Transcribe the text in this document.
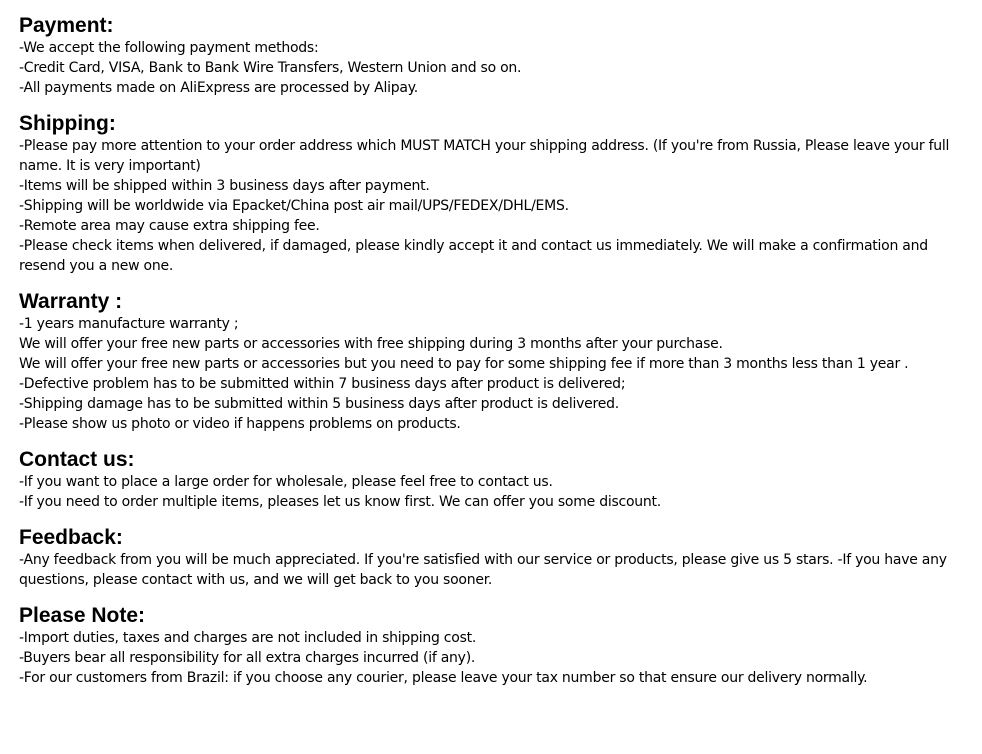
Payment:

-We accept the following payment methods:

-Credit Card, VISA, Bank to Bank Wire Transfers, Western Union and so on.

-All payments made on AliExpress are processed by Alipay.

Shipping:

-Please pay more attention to your order address which MUST MATCH your shipping address. (If you're from Russia, Please leave your full name. It is very important)

-Items will be shipped within 3 business days after payment.

-Shipping will be worldwide via Epacket/China post air mail/UPS/FEDEX/DHL/EMS.

-Remote area may cause extra shipping fee.

-Please check items when delivered, if damaged, please kindly accept it and contact us immediately. We will make a confirmation and resend you a new one.

Warranty :

-1 years manufacture warranty ;

We will offer your free new parts or accessories with free shipping during 3 months after your purchase.

We will offer your free new parts or accessories but you need to pay for some shipping fee if more than 3 months less than 1 year .

-Defective problem has to be submitted within 7 business days after product is delivered;

-Shipping damage has to be submitted within 5 business days after product is delivered.

-Please show us photo or video if happens problems on products.

Contact us:

-If you want to place a large order for wholesale, please feel free to contact us.

-If you need to order multiple items, pleases let us know first. We can offer you some discount.

Feedback:

-Any feedback from you will be much appreciated. If you're satisfied with our service or products, please give us 5 stars. -If you have any questions, please contact with us, and we will get back to you sooner.

Please Note:

-Import duties, taxes and charges are not included in shipping cost.

-Buyers bear all responsibility for all extra charges incurred (if any).

-For our customers from Brazil: if you choose any courier, please leave your tax number so that ensure our delivery normally.
